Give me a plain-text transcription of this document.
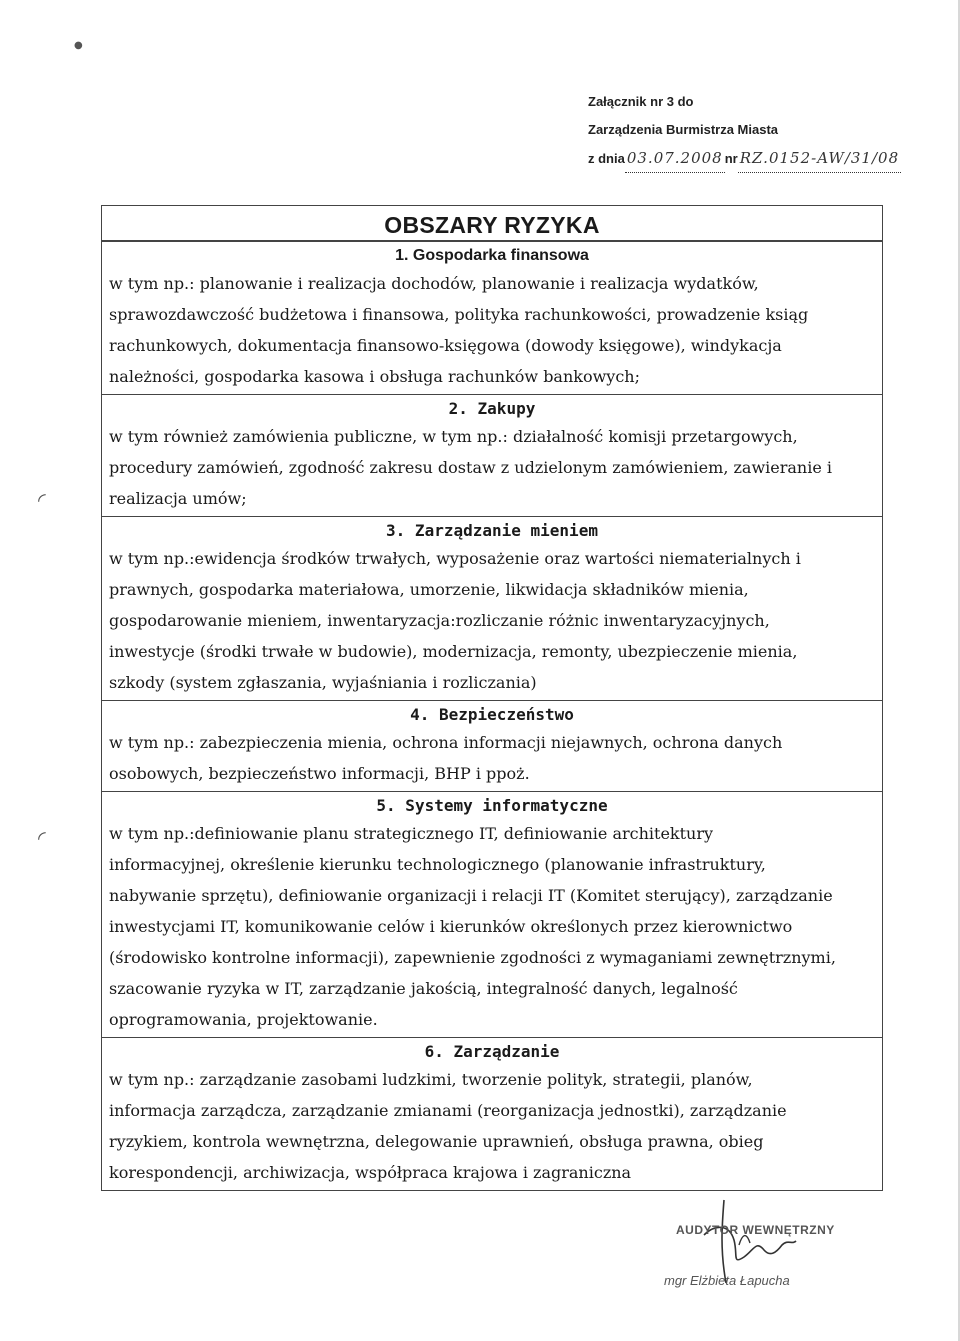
●
◜
◜
Załącznik nr 3 do
Zarządzenia Burmistrza Miasta
z dnia 03.07.2008 nr RZ.0152-AW/31/08
OBSZARY RYZYKA
1. Gospodarka finansowa
w tym np.: planowanie i realizacja dochodów, planowanie i realizacja wydatków,
sprawozdawczość budżetowa i finansowa, polityka rachunkowości, prowadzenie ksiąg
rachunkowych, dokumentacja finansowo-księgowa (dowody księgowe), windykacja
należności, gospodarka kasowa i obsługa rachunków bankowych;
2. Zakupy
w tym również zamówienia publiczne, w tym np.: działalność komisji przetargowych,
procedury zamówień, zgodność zakresu dostaw z udzielonym zamówieniem, zawieranie i
realizacja umów;
3. Zarządzanie mieniem
w tym np.:ewidencja środków trwałych, wyposażenie oraz wartości niematerialnych i
prawnych, gospodarka materiałowa, umorzenie, likwidacja składników mienia,
gospodarowanie mieniem, inwentaryzacja:rozliczanie różnic inwentaryzacyjnych,
inwestycje (środki trwałe w budowie), modernizacja, remonty, ubezpieczenie mienia,
szkody (system zgłaszania, wyjaśniania i rozliczania)
4. Bezpieczeństwo
w tym np.: zabezpieczenia mienia, ochrona informacji niejawnych, ochrona danych
osobowych, bezpieczeństwo informacji, BHP i ppoż.
5. Systemy informatyczne
w tym np.:definiowanie planu strategicznego IT, definiowanie architektury
informacyjnej, określenie kierunku technologicznego (planowanie infrastruktury,
nabywanie sprzętu), definiowanie organizacji i relacji IT (Komitet sterujący), zarządzanie
inwestycjami IT, komunikowanie celów i kierunków określonych przez kierownictwo
(środowisko kontrolne informacji), zapewnienie zgodności z wymaganiami zewnętrznymi,
szacowanie ryzyka w IT, zarządzanie jakością, integralność danych, legalność
oprogramowania, projektowanie.
6. Zarządzanie
w tym np.: zarządzanie zasobami ludzkimi, tworzenie polityk, strategii, planów,
informacja zarządcza, zarządzanie zmianami (reorganizacja jednostki), zarządzanie
ryzykiem, kontrola wewnętrzna, delegowanie uprawnień, obsługa prawna, obieg
korespondencji, archiwizacja, współpraca krajowa i zagraniczna
AUDYTOR WEWNĘTRZNY
mgr Elżbieta Łapucha
